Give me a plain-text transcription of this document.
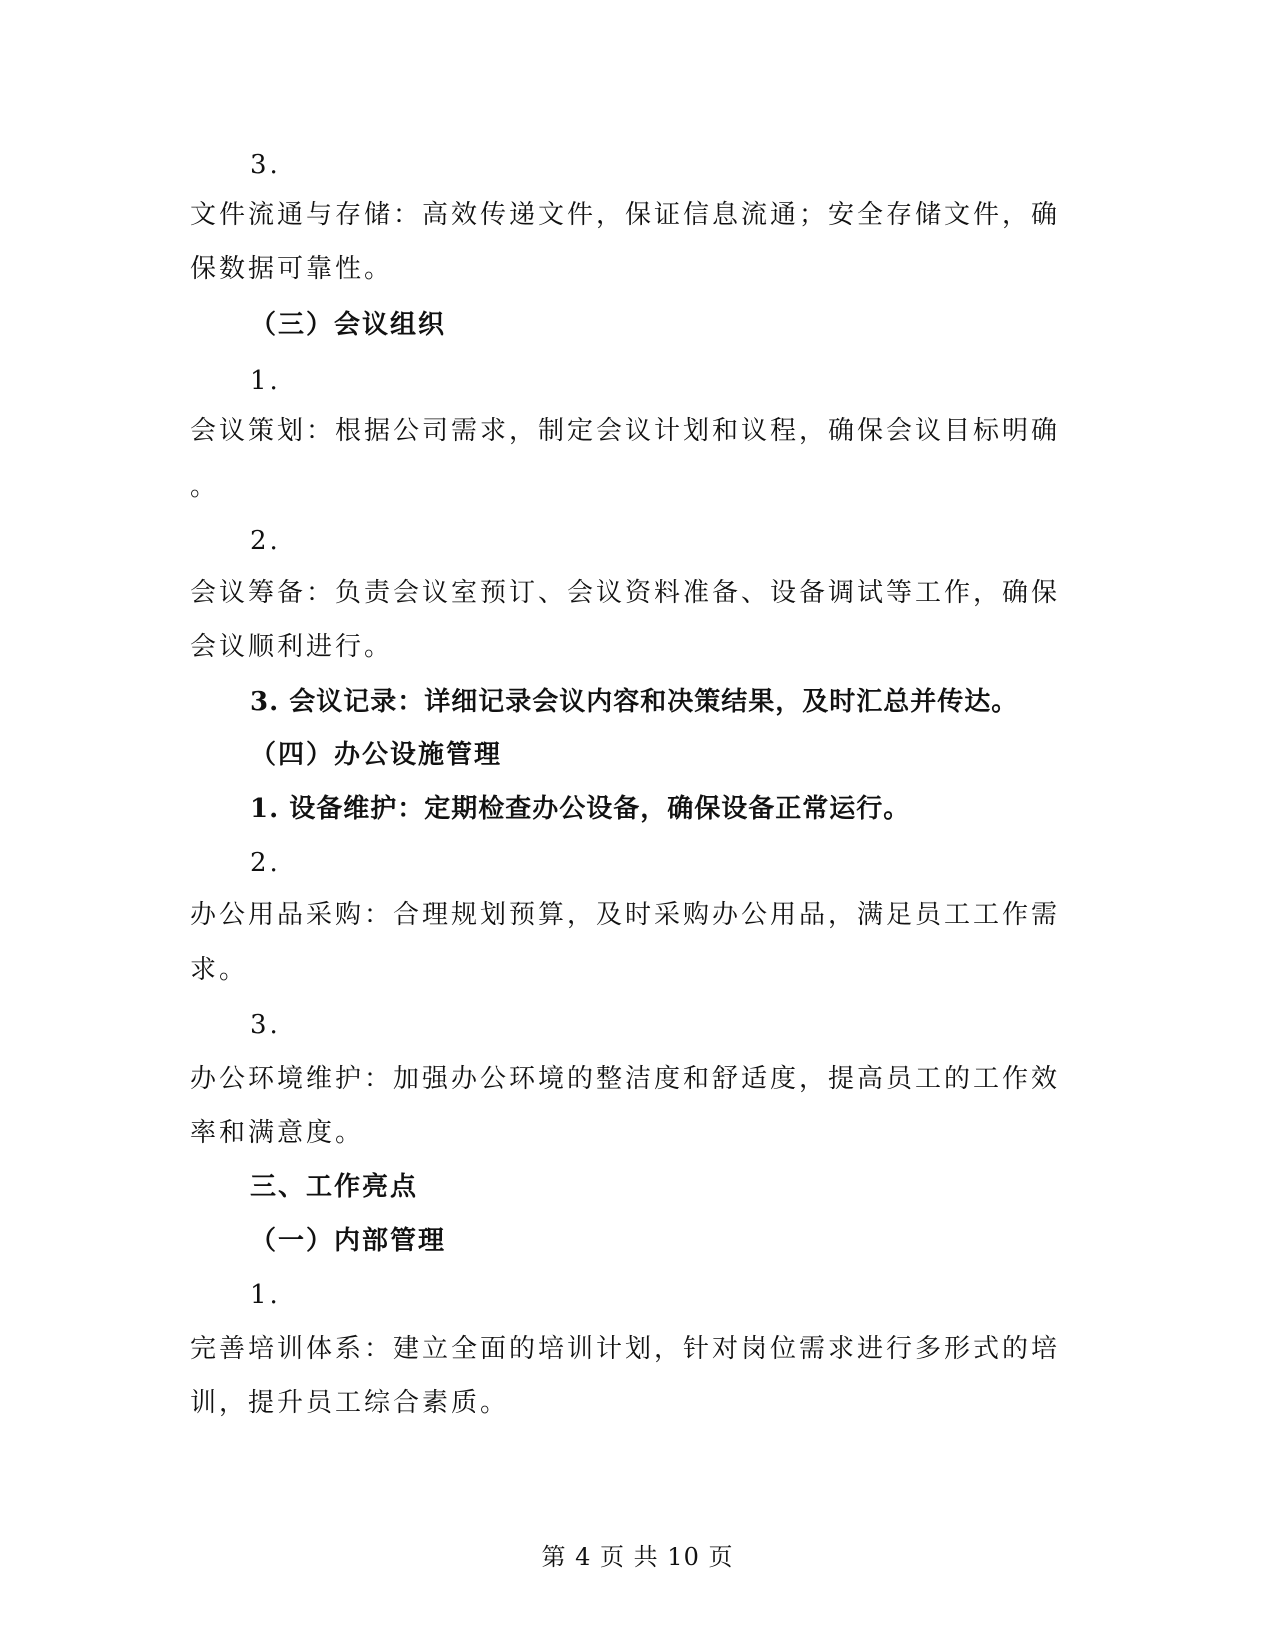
3.
文件流通与存储：高效传递文件，保证信息流通；安全存储文件，确
保数据可靠性。
（三）会议组织
1.
会议策划：根据公司需求，制定会议计划和议程，确保会议目标明确
。
2.
会议筹备：负责会议室预订、会议资料准备、设备调试等工作，确保
会议顺利进行。
3. 会议记录：详细记录会议内容和决策结果，及时汇总并传达。
（四）办公设施管理
1. 设备维护：定期检查办公设备，确保设备正常运行。
2.
办公用品采购：合理规划预算，及时采购办公用品，满足员工工作需
求。
3.
办公环境维护：加强办公环境的整洁度和舒适度，提高员工的工作效
率和满意度。
三、工作亮点
（一）内部管理
1.
完善培训体系：建立全面的培训计划，针对岗位需求进行多形式的培
训，提升员工综合素质。
第 4 页 共 10 页
